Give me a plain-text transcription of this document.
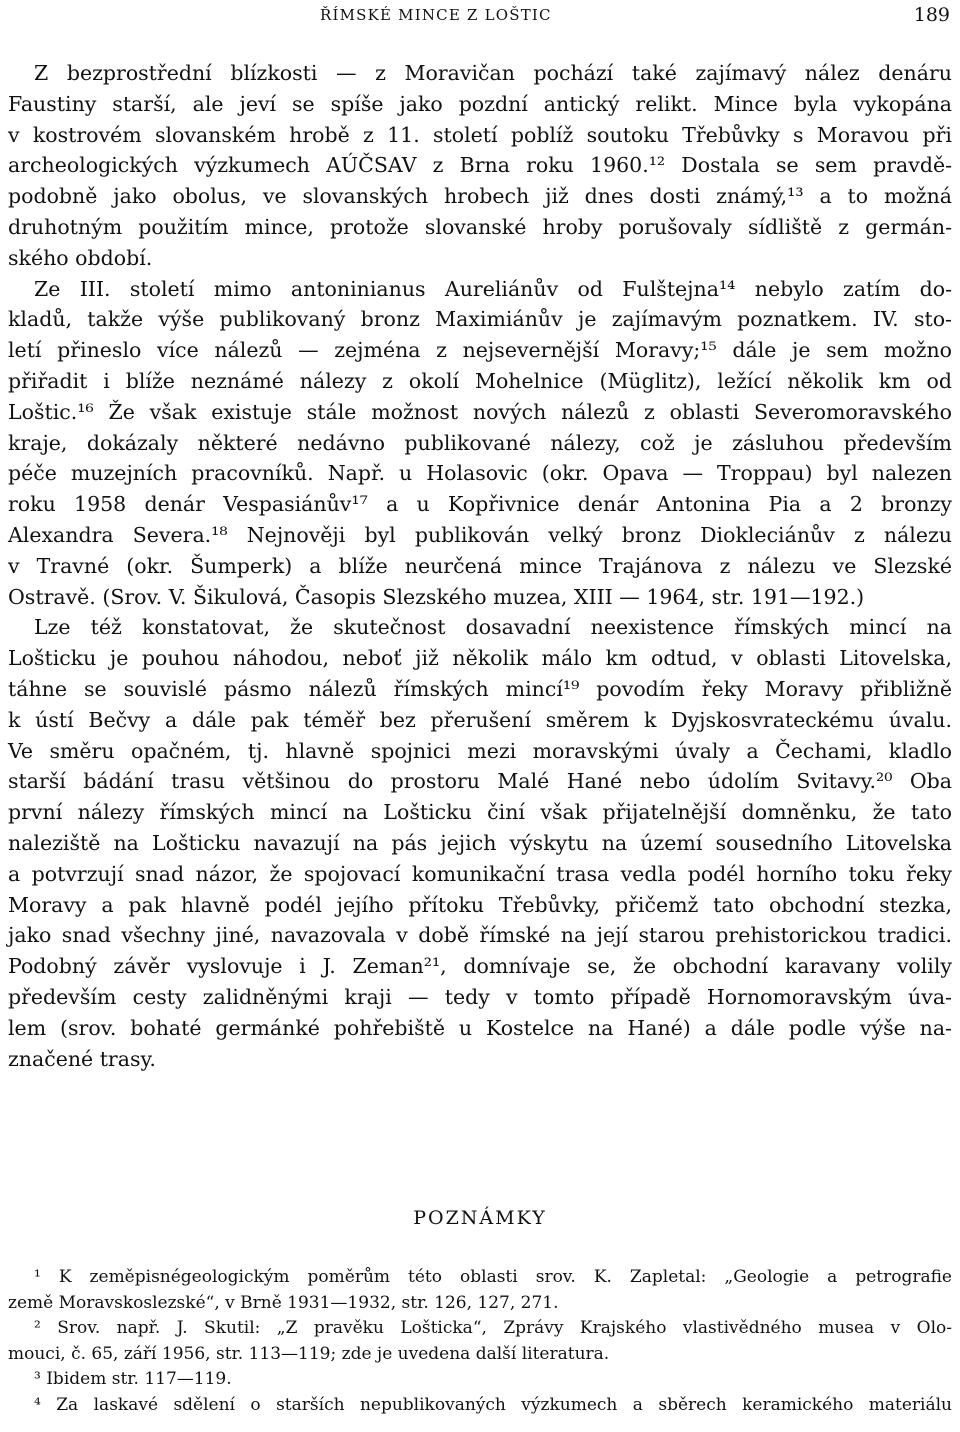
ŘÍMSKÉ MINCE Z LOŠTIC	189
Z bezprostřední blízkosti — z Moravičan pochází také zajímavý nález denáru
Faustiny starší, ale jeví se spíše jako pozdní antický relikt. Mince byla vykopána
v kostrovém slovanském hrobě z 11. století poblíž soutoku Třebůvky s Moravou při
archeologických výzkumech AÚČSAV z Brna roku 1960.¹² Dostala se sem pravdě-
podobně jako obolus, ve slovanských hrobech již dnes dosti známý,¹³ a to možná
druhotným použitím mince, protože slovanské hroby porušovaly sídliště z germán-
ského období.
Ze III. století mimo antoninianus Aureliánův od Fulštejna¹⁴ nebylo zatím do-
kladů, takže výše publikovaný bronz Maximiánův je zajímavým poznatkem. IV. sto-
letí přineslo více nálezů — zejména z nejsevernější Moravy;¹⁵ dále je sem možno
přiřadit i blíže neznámé nálezy z okolí Mohelnice (Müglitz), ležící několik km od
Loštic.¹⁶ Že však existuje stále možnost nových nálezů z oblasti Severomoravského
kraje, dokázaly některé nedávno publikované nálezy, což je zásluhou především
péče muzejních pracovníků. Např. u Holasovic (okr. Opava — Troppau) byl nalezen
roku 1958 denár Vespasiánův¹⁷ a u Kopřivnice denár Antonina Pia a 2 bronzy
Alexandra Severa.¹⁸ Nejnověji byl publikován velký bronz Diokleciánův z nálezu
v Travné (okr. Šumperk) a blíže neurčená mince Trajánova z nálezu ve Slezské
Ostravě. (Srov. V. Šikulová, Časopis Slezského muzea, XIII — 1964, str. 191—192.)
Lze též konstatovat, že skutečnost dosavadní neexistence římských mincí na
Lošticku je pouhou náhodou, neboť již několik málo km odtud, v oblasti Litovelska,
táhne se souvislé pásmo nálezů římských mincí¹⁹ povodím řeky Moravy přibližně
k ústí Bečvy a dále pak téměř bez přerušení směrem k Dyjskosvrateckému úvalu.
Ve směru opačném, tj. hlavně spojnici mezi moravskými úvaly a Čechami, kladlo
starší bádání trasu většinou do prostoru Malé Hané nebo údolím Svitavy.²⁰ Oba
první nálezy římských mincí na Lošticku činí však přijatelnější domněnku, že tato
naleziště na Lošticku navazují na pás jejich výskytu na území sousedního Litovelska
a potvrzují snad názor, že spojovací komunikační trasa vedla podél horního toku řeky
Moravy a pak hlavně podél jejího přítoku Třebůvky, přičemž tato obchodní stezka,
jako snad všechny jiné, navazovala v době římské na její starou prehistorickou tradici.
Podobný závěr vyslovuje i J. Zeman²¹, domnívaje se, že obchodní karavany volily
především cesty zalidněnými kraji — tedy v tomto případě Hornomoravským úva-
lem (srov. bohaté germánké pohřebiště u Kostelce na Hané) a dále podle výše na-
značené trasy.
POZNÁMKY
¹ K zeměpisnégeologickým poměrům této oblasti srov. K. Zapletal: „Geologie a petrografie
země Moravskoslezské“, v Brně 1931—1932, str. 126, 127, 271.
² Srov. např. J. Skutil: „Z pravěku Lošticka“, Zprávy Krajského vlastivědného musea v Olo-
mouci, č. 65, září 1956, str. 113—119; zde je uvedena další literatura.
³ Ibidem str. 117—119.
⁴ Za laskavé sdělení o starších nepublikovaných výzkumech a sběrech keramického materiálu
